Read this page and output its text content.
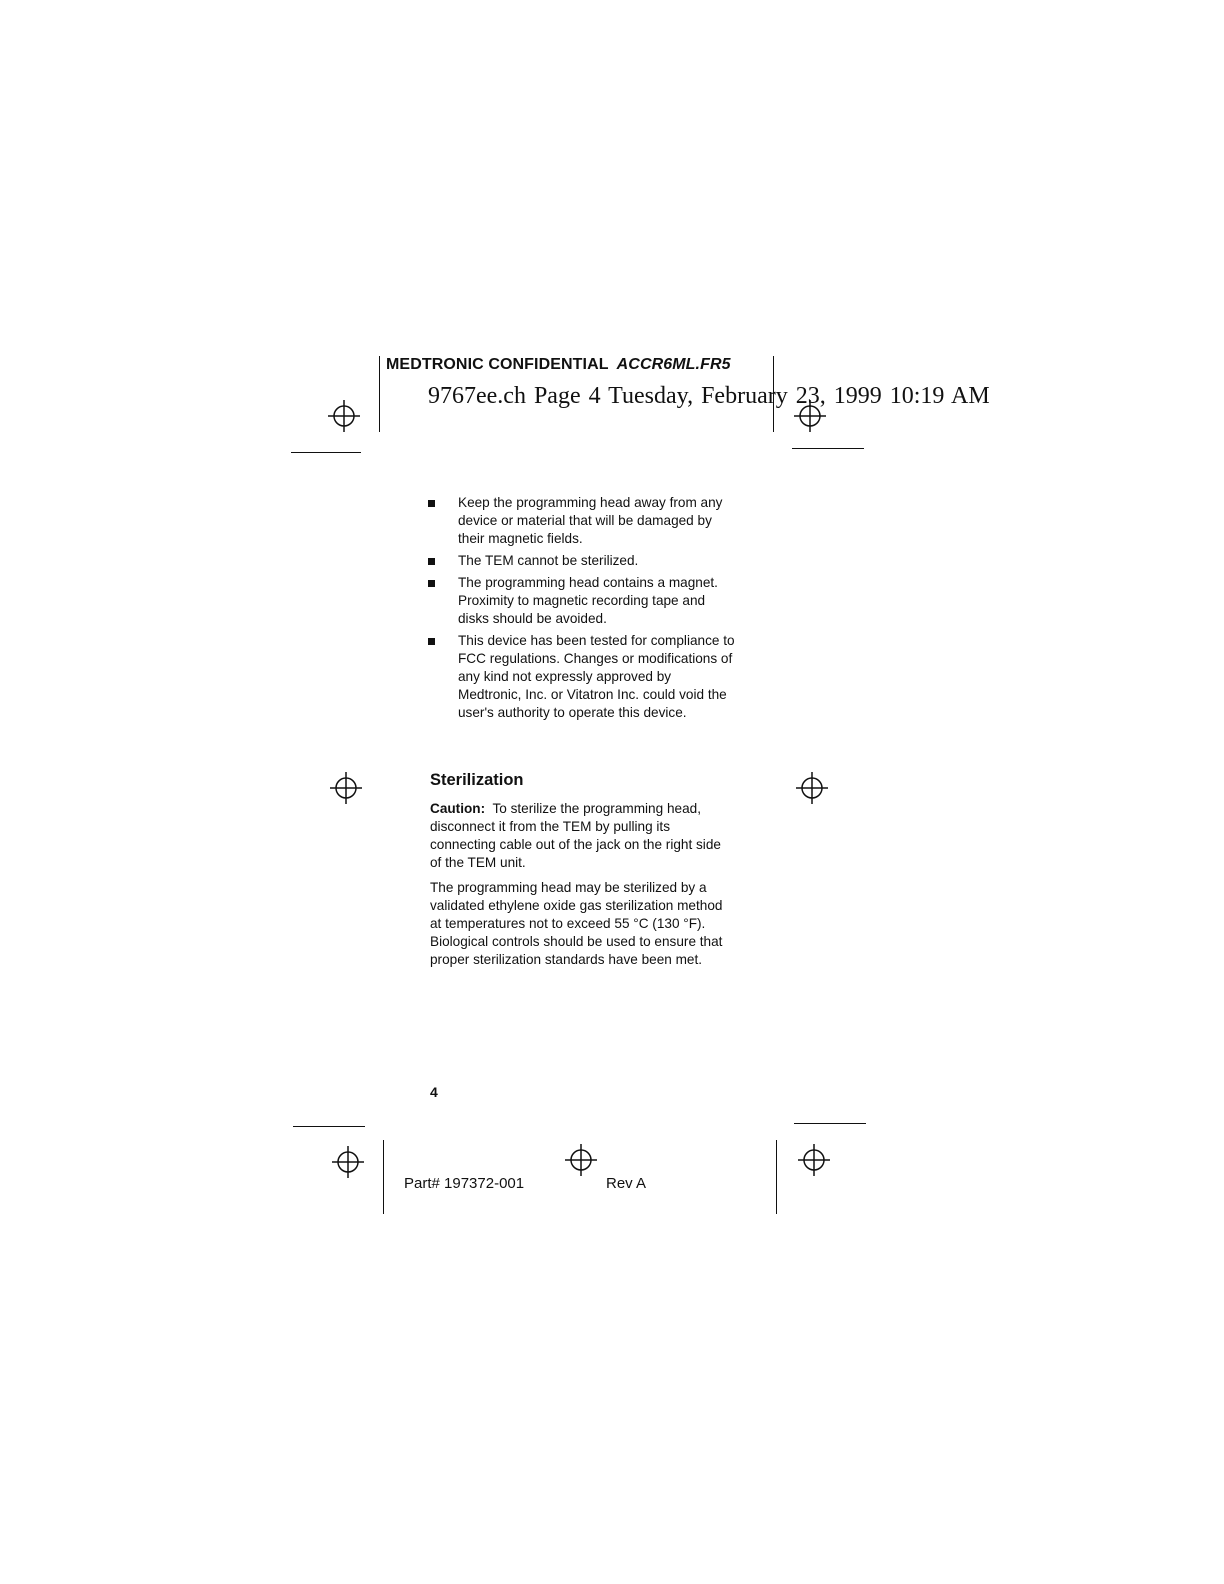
MEDTRONIC CONFIDENTIAL ACCR6ML.FR5
9767ee.ch Page 4 Tuesday, February 23, 1999 10:19 AM
Keep the programming head away from any device or material that will be damaged by their magnetic fields.
The TEM cannot be sterilized.
The programming head contains a magnet. Proximity to magnetic recording tape and disks should be avoided.
This device has been tested for compliance to FCC regulations. Changes or modifications of any kind not expressly approved by Medtronic, Inc. or Vitatron Inc. could void the user's authority to operate this device.
Sterilization

Caution: To sterilize the programming head, disconnect it from the TEM by pulling its connecting cable out of the jack on the right side of the TEM unit.

The programming head may be sterilized by a validated ethylene oxide gas sterilization method at temperatures not to exceed 55 °C (130 °F). Biological controls should be used to ensure that proper sterilization standards have been met.

4
Part# 197372-001	Rev A
